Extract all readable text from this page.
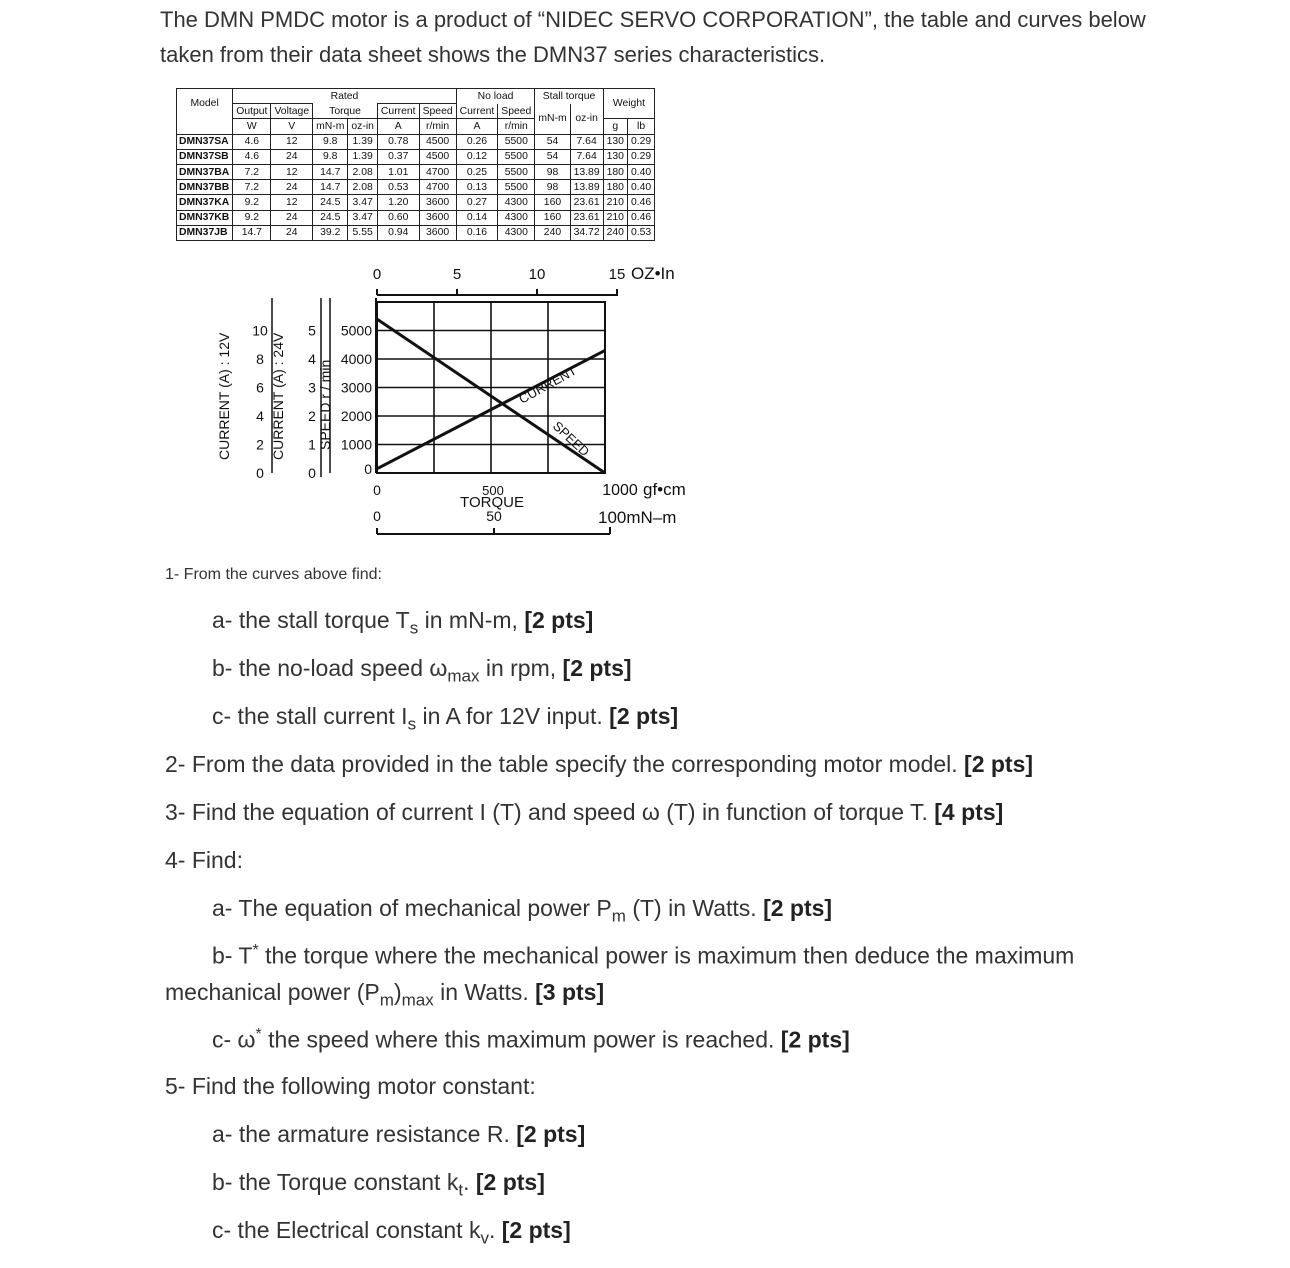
The DMN PMDC motor is a product of “NIDEC SERVO CORPORATION”, the table and curves below taken from their data sheet shows the DMN37 series characteristics.
Model	Rated						No load		Stall torque		Weight	
	Output	Voltage	Torque		Current	Speed	Current	Speed	mN-m	oz-in		
	W	V	mN-m	oz-in	A	r/min	A	r/min			g	lb
DMN37SA	4.6	12	9.8	1.39	0.78	4500	0.26	5500	54	7.64	130	0.29
DMN37SB	4.6	24	9.8	1.39	0.37	4500	0.12	5500	54	7.64	130	0.29
DMN37BA	7.2	12	14.7	2.08	1.01	4700	0.25	5500	98	13.89	180	0.40
DMN37BB	7.2	24	14.7	2.08	0.53	4700	0.13	5500	98	13.89	180	0.40
DMN37KA	9.2	12	24.5	3.47	1.20	3600	0.27	4300	160	23.61	210	0.46
DMN37KB	9.2	24	24.5	3.47	0.60	3600	0.14	4300	160	23.61	210	0.46
DMN37JB	14.7	24	39.2	5.55	0.94	3600	0.16	4300	240	34.72	240	0.53
CURRENT
SPEED
0	5	10	15 OZ•In
0
1000
2000
3000
4000
5000
SPEED r / min
0
1
2
3
4
5
CURRENT (A) : 24V
0
2
4
6
8
10
CURRENT (A) : 12V
0	500
TORQUE
1000 gf•cm
0	50	100mN–m
1- From the curves above find:
a- the stall torque $T_s$ in mN-m, [2 pts]
b- the no-load speed $\omega_{max}$ in rpm, [2 pts]
c- the stall current $I_s$ in A for 12V input. [2 pts]
2- From the data provided in the table specify the corresponding motor model. [2 pts]
3- Find the equation of current I (T) and speed ω (T) in function of torque T. [4 pts]
4- Find:
a- The equation of mechanical power $P_m$ (T) in Watts. [2 pts]
b- T* the torque where the mechanical power is maximum then deduce the maximum
mechanical power $(P_m)_{max}$ in Watts. [3 pts]
c- ω* the speed where this maximum power is reached. [2 pts]
5- Find the following motor constant:
a- the armature resistance R. [2 pts]
b- the Torque constant $k_t$. [2 pts]
c- the Electrical constant $k_v$. [2 pts]
